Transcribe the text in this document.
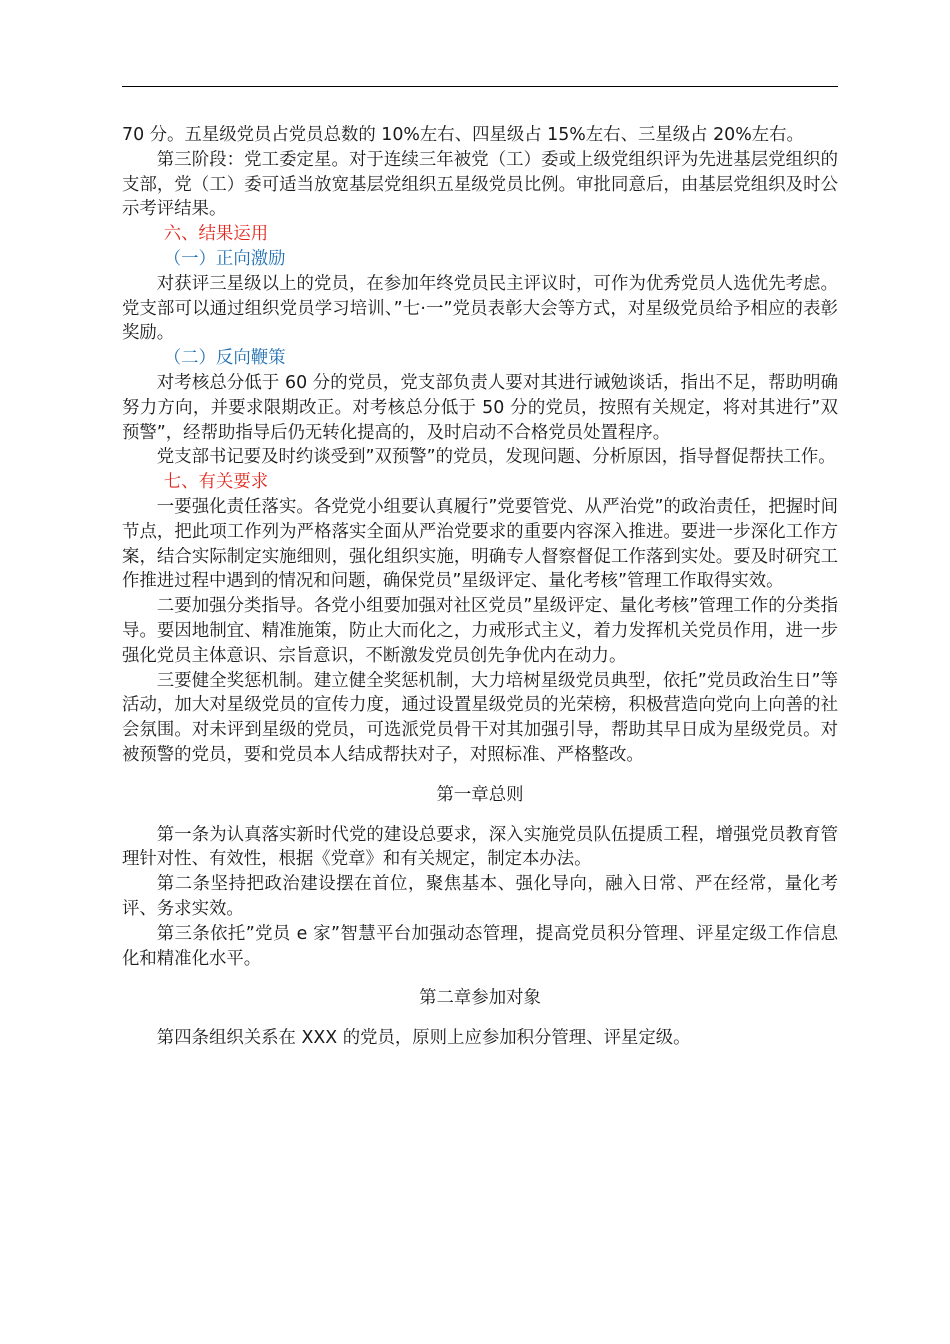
70 分。五星级党员占党员总数的 10%左右、四星级占 15%左右、三星级占 20%左右。

第三阶段：党工委定星。对于连续三年被党（工）委或上级党组织评为先进基层党组织的支部，党（工）委可适当放宽基层党组织五星级党员比例。审批同意后，由基层党组织及时公示考评结果。

六、结果运用

（一）正向激励

对获评三星级以上的党员，在参加年终党员民主评议时，可作为优秀党员人选优先考虑。党支部可以通过组织党员学习培训、”七·一”党员表彰大会等方式，对星级党员给予相应的表彰奖励。

（二）反向鞭策

对考核总分低于 60 分的党员，党支部负责人要对其进行诫勉谈话，指出不足，帮助明确努力方向，并要求限期改正。对考核总分低于 50 分的党员，按照有关规定，将对其进行”双预警”，经帮助指导后仍无转化提高的，及时启动不合格党员处置程序。

党支部书记要及时约谈受到”双预警”的党员，发现问题、分析原因，指导督促帮扶工作。

七、有关要求

一要强化责任落实。各党党小组要认真履行”党要管党、从严治党”的政治责任，把握时间节点，把此项工作列为严格落实全面从严治党要求的重要内容深入推进。要进一步深化工作方案，结合实际制定实施细则，强化组织实施，明确专人督察督促工作落到实处。要及时研究工作推进过程中遇到的情况和问题，确保党员”星级评定、量化考核”管理工作取得实效。

二要加强分类指导。各党小组要加强对社区党员”星级评定、量化考核”管理工作的分类指导。要因地制宜、精准施策，防止大而化之，力戒形式主义，着力发挥机关党员作用，进一步强化党员主体意识、宗旨意识，不断激发党员创先争优内在动力。

三要健全奖惩机制。建立健全奖惩机制，大力培树星级党员典型，依托”党员政治生日”等活动，加大对星级党员的宣传力度，通过设置星级党员的光荣榜，积极营造向党向上向善的社会氛围。对未评到星级的党员，可选派党员骨干对其加强引导，帮助其早日成为星级党员。对被预警的党员，要和党员本人结成帮扶对子，对照标准、严格整改。

第一章总则

第一条为认真落实新时代党的建设总要求，深入实施党员队伍提质工程，增强党员教育管理针对性、有效性，根据《党章》和有关规定，制定本办法。

第二条坚持把政治建设摆在首位，聚焦基本、强化导向，融入日常、严在经常，量化考评、务求实效。

第三条依托”党员 e 家”智慧平台加强动态管理，提高党员积分管理、评星定级工作信息化和精准化水平。

第二章参加对象

第四条组织关系在 XXX 的党员，原则上应参加积分管理、评星定级。
